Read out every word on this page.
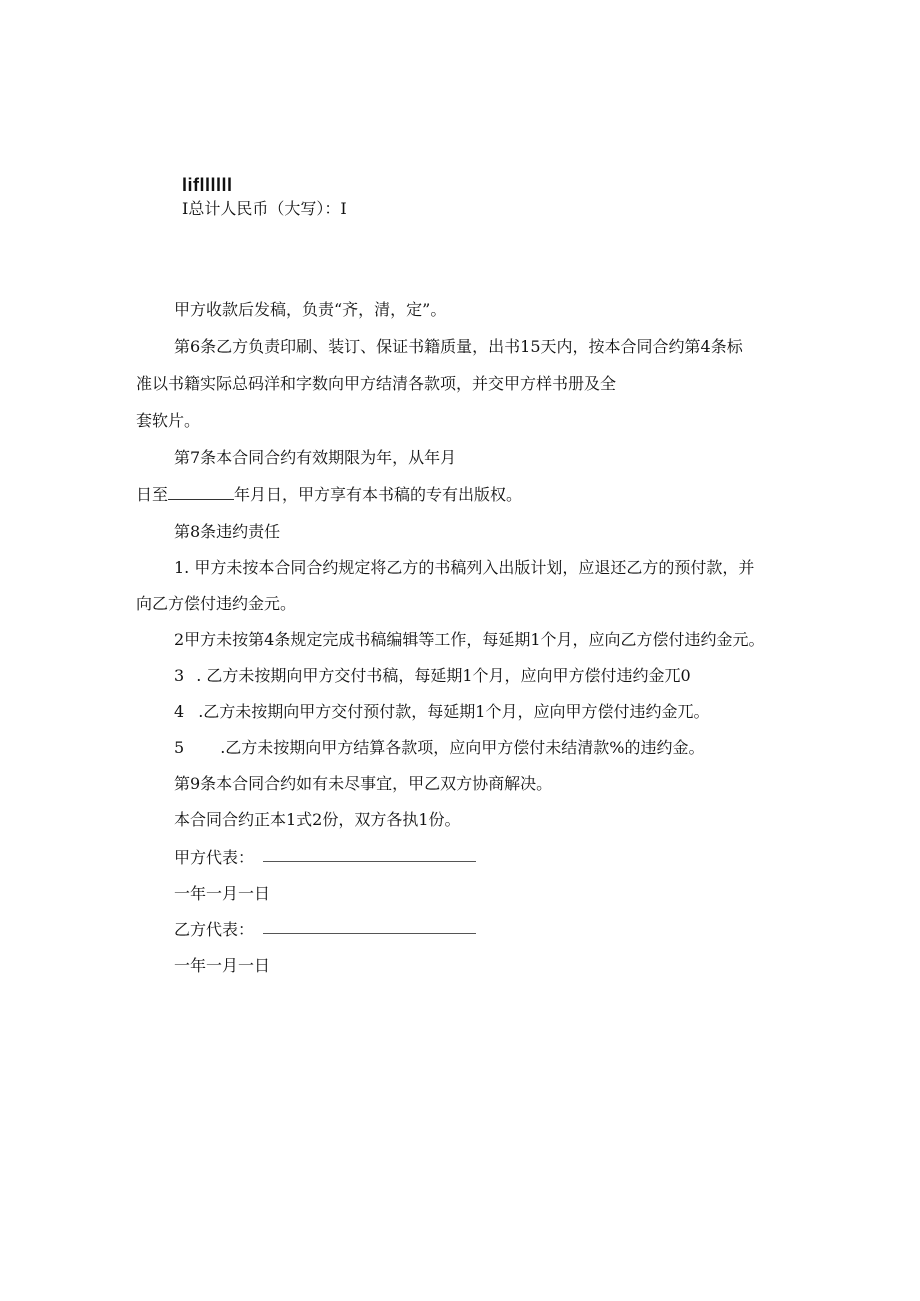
lifllllll
I总计人民币（大写）：I
甲方收款后发稿，负责“齐，清，定”。
第6条乙方负责印刷、装订、保证书籍质量，出书15天内，按本合同合约第4条标
准以书籍实际总码洋和字数向甲方结清各款项，并交甲方样书册及全
套软片。
第7条本合同合约有效期限为年，从年月
日至	年月日，甲方享有本书稿的专有出版权。
第8条违约责任
1. 甲方未按本合同合约规定将乙方的书稿列入出版计划，应退还乙方的预付款，并
向乙方偿付违约金元。
2甲方未按第4条规定完成书稿编辑等工作，每延期1个月，应向乙方偿付违约金元。
3 . 乙方未按期向甲方交付书稿，每延期1个月，应向甲方偿付违约金兀0
4 .乙方未按期向甲方交付预付款，每延期1个月，应向甲方偿付违约金兀。
5 .乙方未按期向甲方结算各款项，应向甲方偿付未结清款%的违约金。
第9条本合同合约如有未尽事宜，甲乙双方协商解决。
本合同合约正本1式2份，双方各执1份。
甲方代表：
一年一月一日
乙方代表：
一年一月一日
